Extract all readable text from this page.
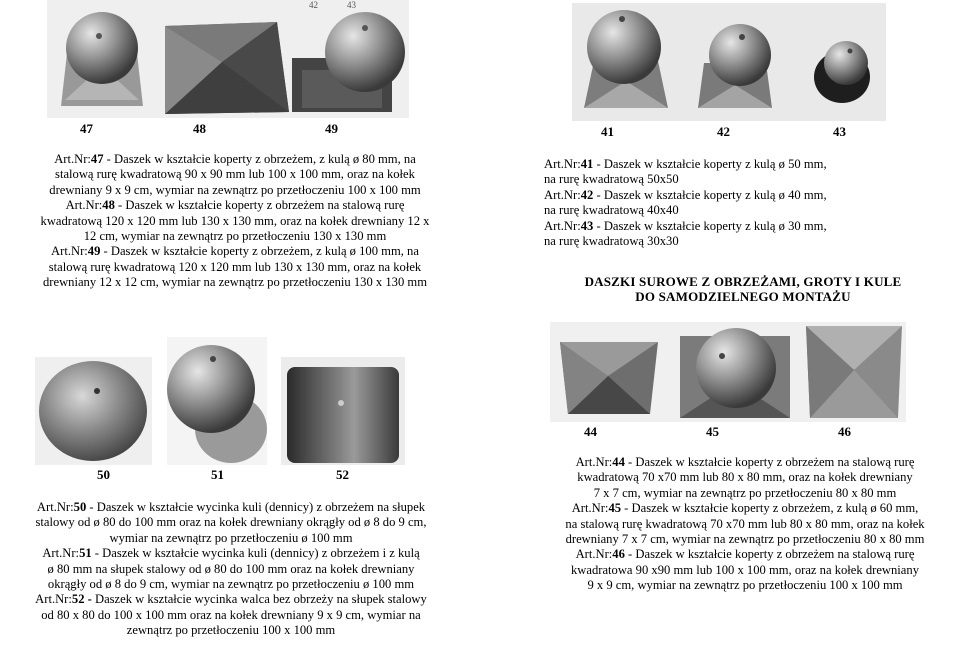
42	43
47	48	49
Art.Nr:47 - Daszek w kształcie koperty z obrzeżem, z kulą ø 80 mm, na
stalową rurę kwadratową 90 x 90 mm lub 100 x 100 mm, oraz na kołek
drewniany 9 x 9 cm, wymiar na zewnątrz po przetłoczeniu 100 x 100 mm
Art.Nr:48 - Daszek w kształcie koperty z obrzeżem na stalową rurę
kwadratową 120 x 120 mm lub 130 x 130 mm, oraz na kołek drewniany 12 x
12 cm, wymiar na zewnątrz po przetłoczeniu 130 x 130 mm
Art.Nr:49 - Daszek w kształcie koperty z obrzeżem, z kulą ø 100 mm, na
stalową rurę kwadratową 120 x 120 mm lub 130 x 130 mm, oraz na kołek
drewniany 12 x 12 cm, wymiar na zewnątrz po przetłoczeniu 130 x 130 mm
41	42	43
Art.Nr:41 - Daszek w kształcie koperty z kulą ø 50 mm,
na rurę kwadratową 50x50
Art.Nr:42 - Daszek w kształcie koperty z kulą ø 40 mm,
na rurę kwadratową 40x40
Art.Nr:43 - Daszek w kształcie koperty z kulą ø 30 mm,
na rurę kwadratową 30x30
DASZKI SUROWE Z OBRZEŻAMI, GROTY I KULE
DO SAMODZIELNEGO MONTAŻU
50	51	52
Art.Nr:50 - Daszek w kształcie wycinka kuli (dennicy) z obrzeżem na słupek
stalowy od ø 80 do 100 mm oraz na kołek drewniany okrągły od ø 8 do 9 cm,
wymiar na zewnątrz po przetłoczeniu ø 100 mm
Art.Nr:51 - Daszek w kształcie wycinka kuli (dennicy) z obrzeżem i z kulą
ø 80 mm na słupek stalowy od ø 80 do 100 mm oraz na kołek drewniany
okrągły od ø 8 do 9 cm, wymiar na zewnątrz po przetłoczeniu ø 100 mm
Art.Nr:52 - Daszek w kształcie wycinka walca bez obrzeży na słupek stalowy
od 80 x 80 do 100 x 100 mm oraz na kołek drewniany 9 x 9 cm, wymiar na
zewnątrz po przetłoczeniu 100 x 100 mm
44	45	46
Art.Nr:44 - Daszek w kształcie koperty z obrzeżem na stalową rurę
kwadratową 70 x70 mm lub 80 x 80 mm, oraz na kołek drewniany
7 x 7 cm, wymiar na zewnątrz po przetłoczeniu 80 x 80 mm
Art.Nr:45 - Daszek w kształcie koperty z obrzeżem, z kulą ø 60 mm,
na stalową rurę kwadratową 70 x70 mm lub 80 x 80 mm, oraz na kołek
drewniany 7 x 7 cm, wymiar na zewnątrz po przetłoczeniu 80 x 80 mm
Art.Nr:46 - Daszek w kształcie koperty z obrzeżem na stalową rurę
kwadratowa 90 x90 mm lub 100 x 100 mm, oraz na kołek drewniany
9 x 9 cm, wymiar na zewnątrz po przetłoczeniu 100 x 100 mm
